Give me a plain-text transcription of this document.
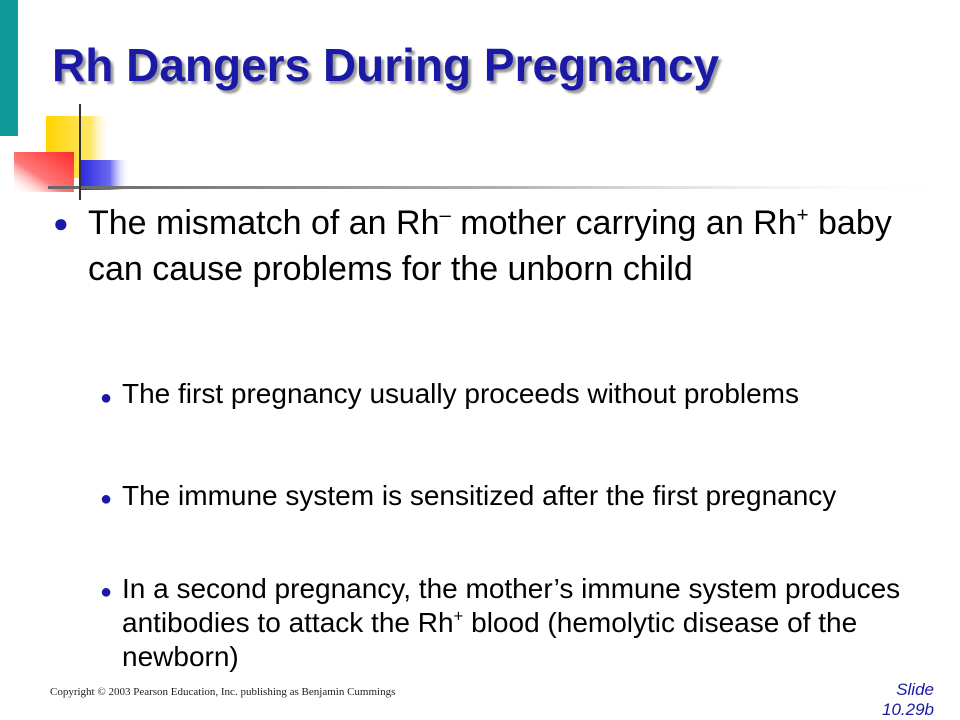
Rh Dangers During Pregnancy
● The mismatch of an Rh– mother carrying an Rh+ baby can cause problems for the unborn child

● The first pregnancy usually proceeds without problems

● The immune system is sensitized after the first pregnancy

● In a second pregnancy, the mother’s immune system produces antibodies to attack the Rh+ blood (hemolytic disease of the newborn)

Copyright © 2003 Pearson Education, Inc. publishing as Benjamin Cummings	Slide
10.29b
